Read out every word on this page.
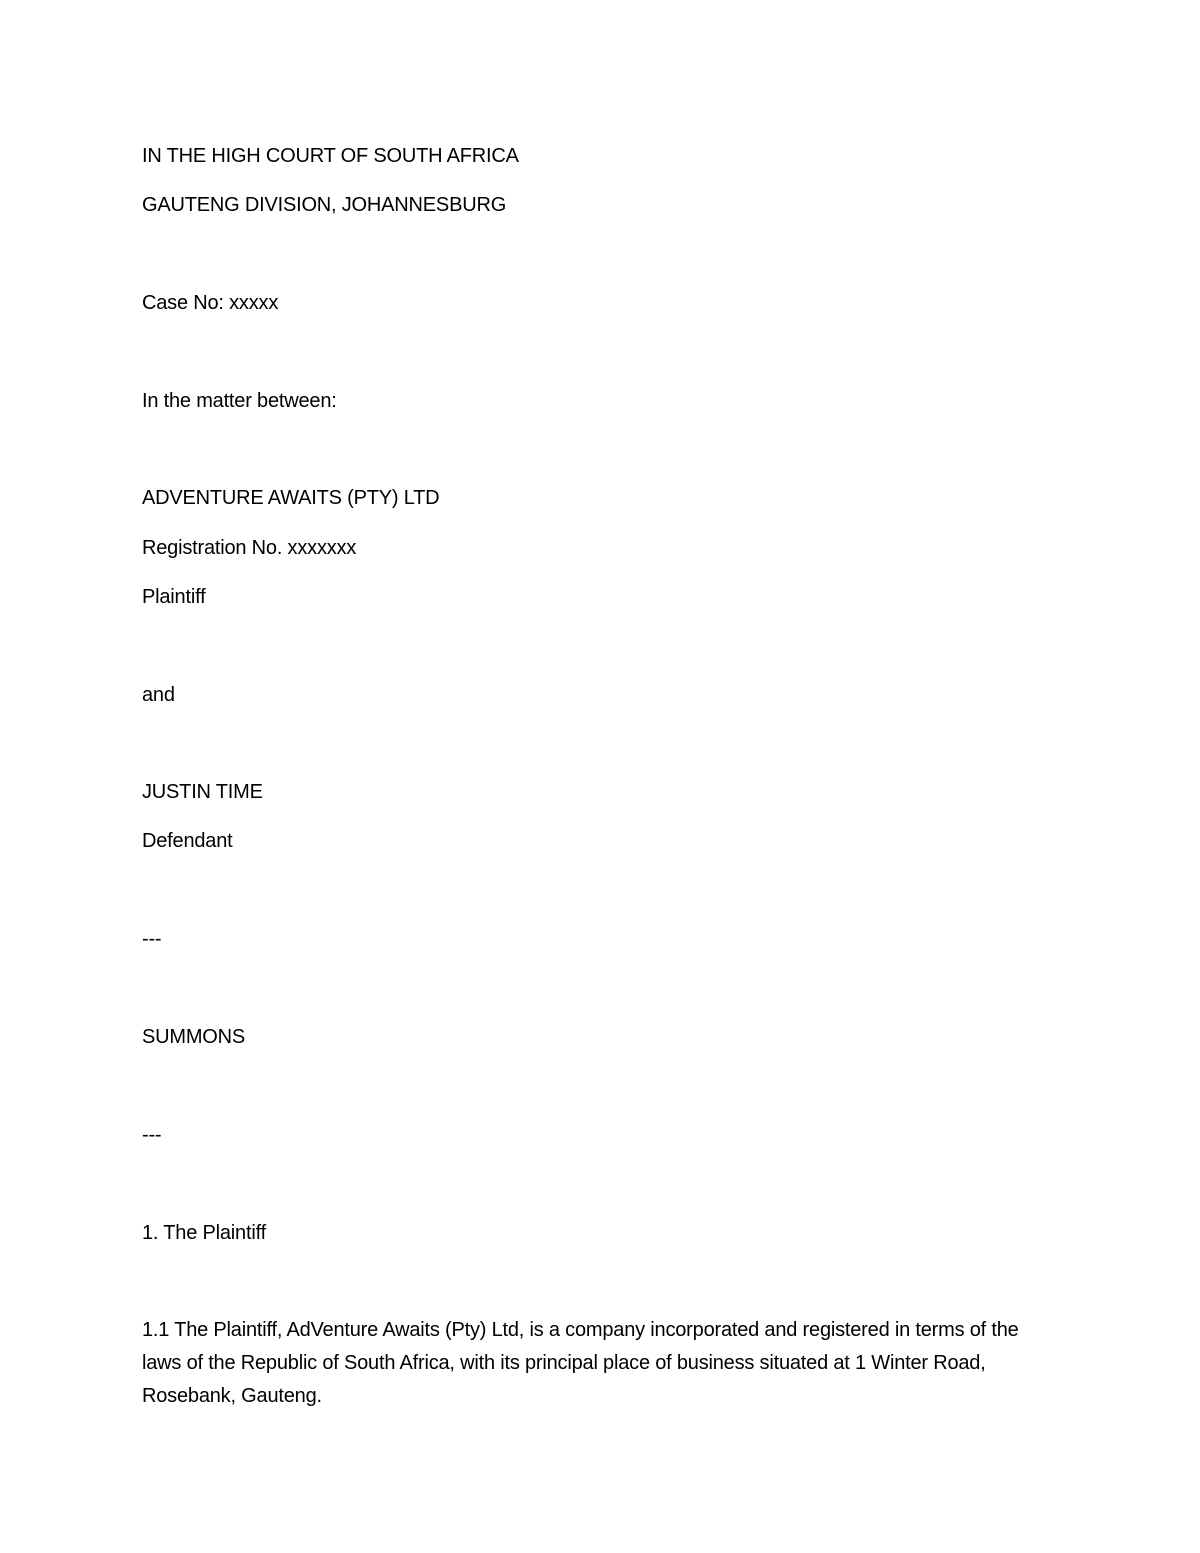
IN THE HIGH COURT OF SOUTH AFRICA
GAUTENG DIVISION, JOHANNESBURG
Case No: xxxxx
In the matter between:
ADVENTURE AWAITS (PTY) LTD
Registration No. xxxxxxx
Plaintiff
and
JUSTIN TIME
Defendant
---
SUMMONS
---
1. The Plaintiff
1.1 The Plaintiff, AdVenture Awaits (Pty) Ltd, is a company incorporated and registered in terms of the laws of the Republic of South Africa, with its principal place of business situated at 1 Winter Road, Rosebank, Gauteng.
